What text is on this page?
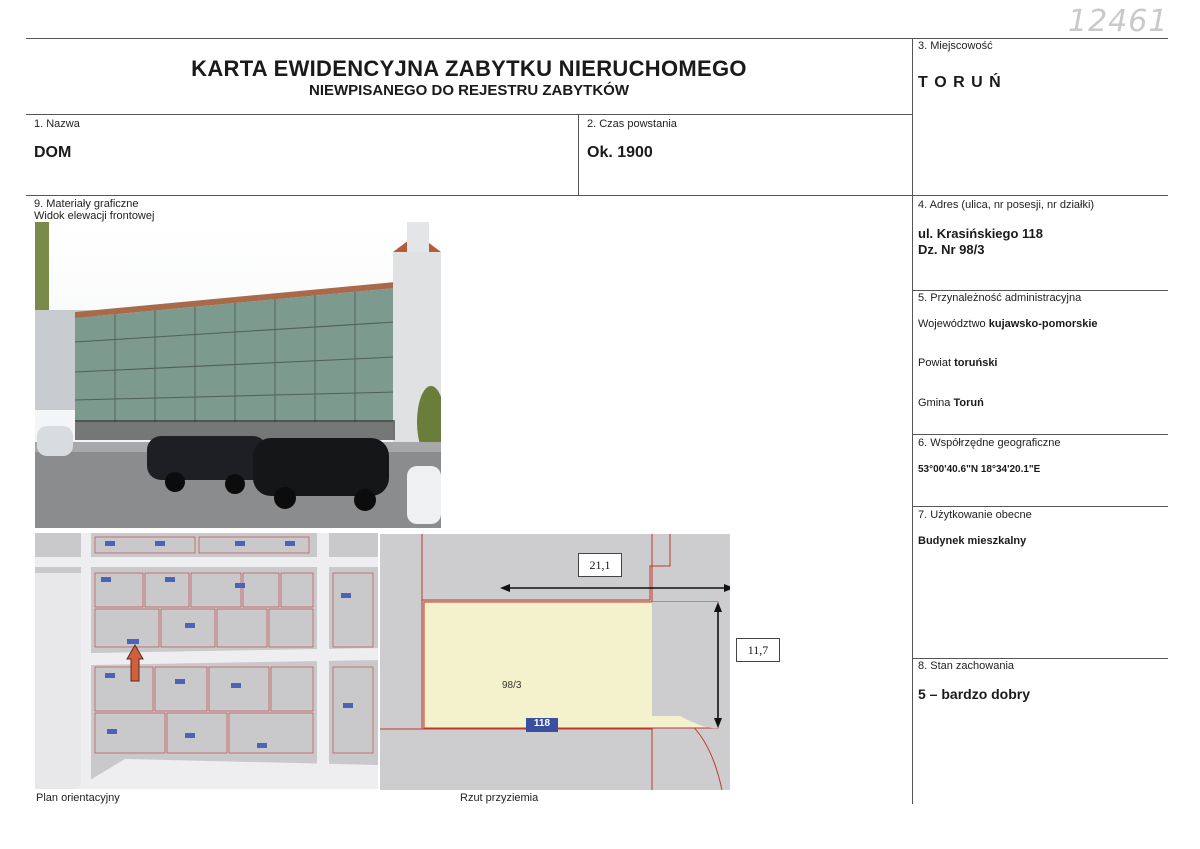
12461
KARTA EWIDENCYJNA ZABYTKU NIERUCHOMEGO
NIEWPISANEGO DO REJESTRU ZABYTKÓW
3. Miejscowość
T O R U Ń
1. Nazwa
DOM
2. Czas powstania
Ok. 1900
9. Materiały graficzne
Widok elewacji frontowej
4. Adres (ulica, nr posesji, nr działki)
ul. Krasińskiego 118
Dz. Nr 98/3
5. Przynależność administracyjna
Województwo kujawsko-pomorskie
Powiat toruński
Gmina Toruń
6. Współrzędne geograficzne
53°00'40.6"N 18°34'20.1"E
7. Użytkowanie obecne
Budynek mieszkalny
8. Stan zachowania
5 – bardzo dobry
21,1
11,7
98/3
118
Plan orientacyjny	Rzut przyziemia
